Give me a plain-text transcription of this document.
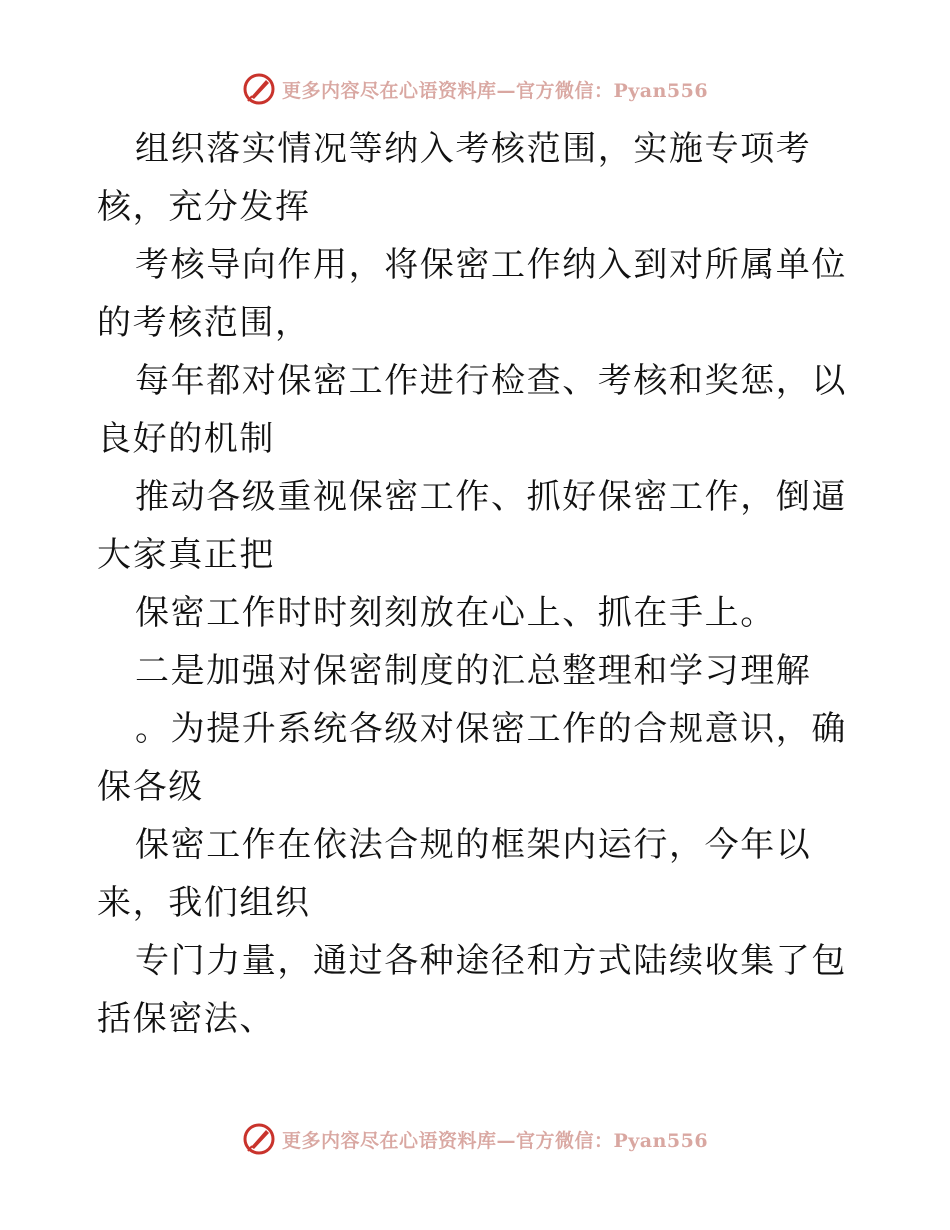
更多内容尽在心语资料库—官方微信：Pyan556

组织落实情况等纳入考核范围，实施专项考核，充分发挥

考核导向作用，将保密工作纳入到对所属单位的考核范围，

每年都对保密工作进行检查、考核和奖惩，以良好的机制

推动各级重视保密工作、抓好保密工作，倒逼大家真正把

保密工作时时刻刻放在心上、抓在手上。

二是加强对保密制度的汇总整理和学习理解

。为提升系统各级对保密工作的合规意识，确保各级

保密工作在依法合规的框架内运行，今年以来，我们组织

专门力量，通过各种途径和方式陆续收集了包括保密法、

更多内容尽在心语资料库—官方微信：Pyan556
